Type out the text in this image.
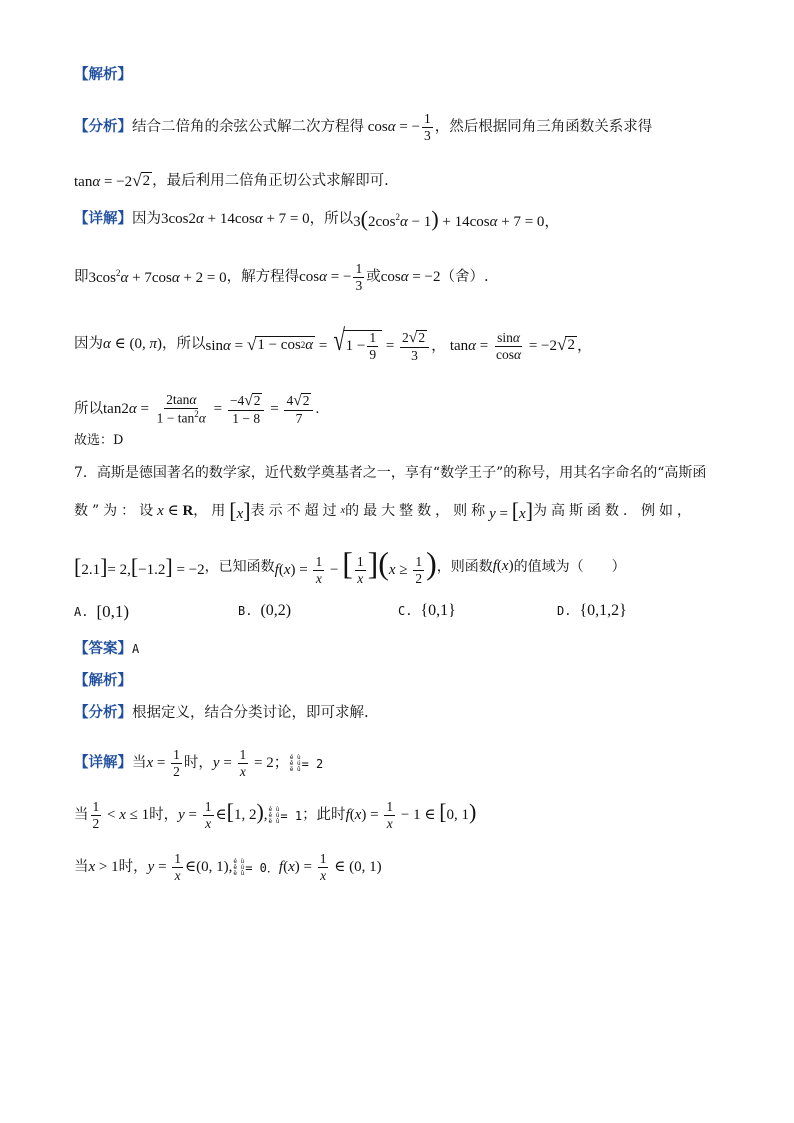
【解析】
【分析】 结合二倍角的余弦公式解二次方程得 cosα = − $\frac{1}{3}$ ，然后根据同角三角函数关系求得
tanα = −2 √ 2 ，最后利用二倍角正切公式求解即可.
【详解】 因为 3cos2α + 14cosα + 7 = 0 ，所以 $3(2\cos^2\alpha - 1) + 14\cos\alpha + 7 = 0$，
即 $3\cos^2\alpha + 7\cos\alpha + 2 = 0$ ，解方程得 cosα = − $\frac{1}{3}$ 或 cosα = −2 （舍）.
因为 α ∈ (0, π) ，所以 sinα = √ 1 − cos 2 α = √ $1 - \frac{1}{9} = \frac{2 √ 2}{3}$ ， $\tan\alpha = \frac{\sin\alpha}{\cos\alpha} = -2$ √ 2 ，
所以 $\tan 2\alpha = \frac{2\tan\alpha}{1 - \tan^2\alpha} = \frac{-4 √ 2}{1 - 8} = \frac{4 √ 2}{7}$ .
故选：D
7．高斯是德国著名的数学家，近代数学奠基者之一，享有“数学王子”的称号，用其名字命名的“高斯函
数”为：设 x ∈ R ，用 [x] 表示不超过 x 的最大整数，则称 y = [x] 为高斯函数．例如，
[2.1]= 2,[−1.2] = −2 ，已知函数 $f(x) = \frac{1}{x}$ − [ $\frac{1}{x} ](x \ge \frac{1}{2}$ ) ，则函数 f(x) 的值域为（　　）
A. [0,1)	B. (0,2)	C. {0,1}	D. {0,1,2}
【答案】 A
【解析】
【分析】 根据定义，结合分类讨论，即可求解.
【详解】 当 $x = \frac{1}{2}$ 时， $y = \frac{1}{x} = 2$； é ù
ê ú
ë û = 2
当 $\frac{1}{2} < x \le 1$ 时， $y = \frac{1}{x}$ ∈[1, 2), é ù
ê ú
ë û = 1 ；此时 $f(x) = \frac{1}{x} - 1$ ∈ [0, 1)
当 x > 1 时， $y = \frac{1}{x}$ ∈(0, 1), é ù
ê ú
ë û = 0． $f(x) = \frac{1}{x}$ ∈ (0, 1)
